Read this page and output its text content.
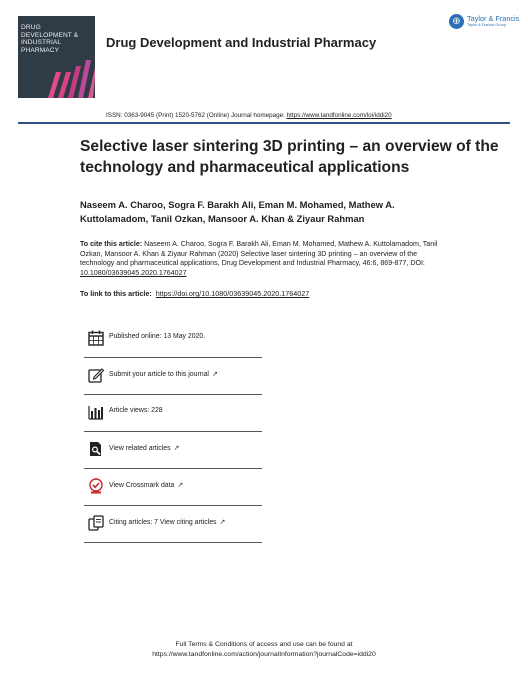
DRUG DEVELOPMENT & INDUSTRIAL PHARMACY
Drug Development and Industrial Pharmacy
⊕ Taylor & Francis
Taylor & Francis Group
ISSN: 0363-9045 (Print) 1520-5762 (Online) Journal homepage: https://www.tandfonline.com/loi/iddi20
Selective laser sintering 3D printing – an overview of the technology and pharmaceutical applications
Naseem A. Charoo, Sogra F. Barakh Ali, Eman M. Mohamed, Mathew A. Kuttolamadom, Tanil Ozkan, Mansoor A. Khan & Ziyaur Rahman
To cite this article: Naseem A. Charoo, Sogra F. Barakh Ali, Eman M. Mohamed, Mathew A. Kuttolamadom, Tanil Ozkan, Mansoor A. Khan & Ziyaur Rahman (2020) Selective laser sintering 3D printing – an overview of the technology and pharmaceutical applications, Drug Development and Industrial Pharmacy, 46:6, 869-877, DOI: 10.1080/03639045.2020.1764027
To link to this article: https://doi.org/10.1080/03639045.2020.1764027
Published online: 13 May 2020.
Submit your article to this journal ↗
Article views: 228
View related articles ↗
View Crossmark data ↗
Citing articles: 7 View citing articles ↗
Full Terms & Conditions of access and use can be found at
https://www.tandfonline.com/action/journalInformation?journalCode=iddi20
